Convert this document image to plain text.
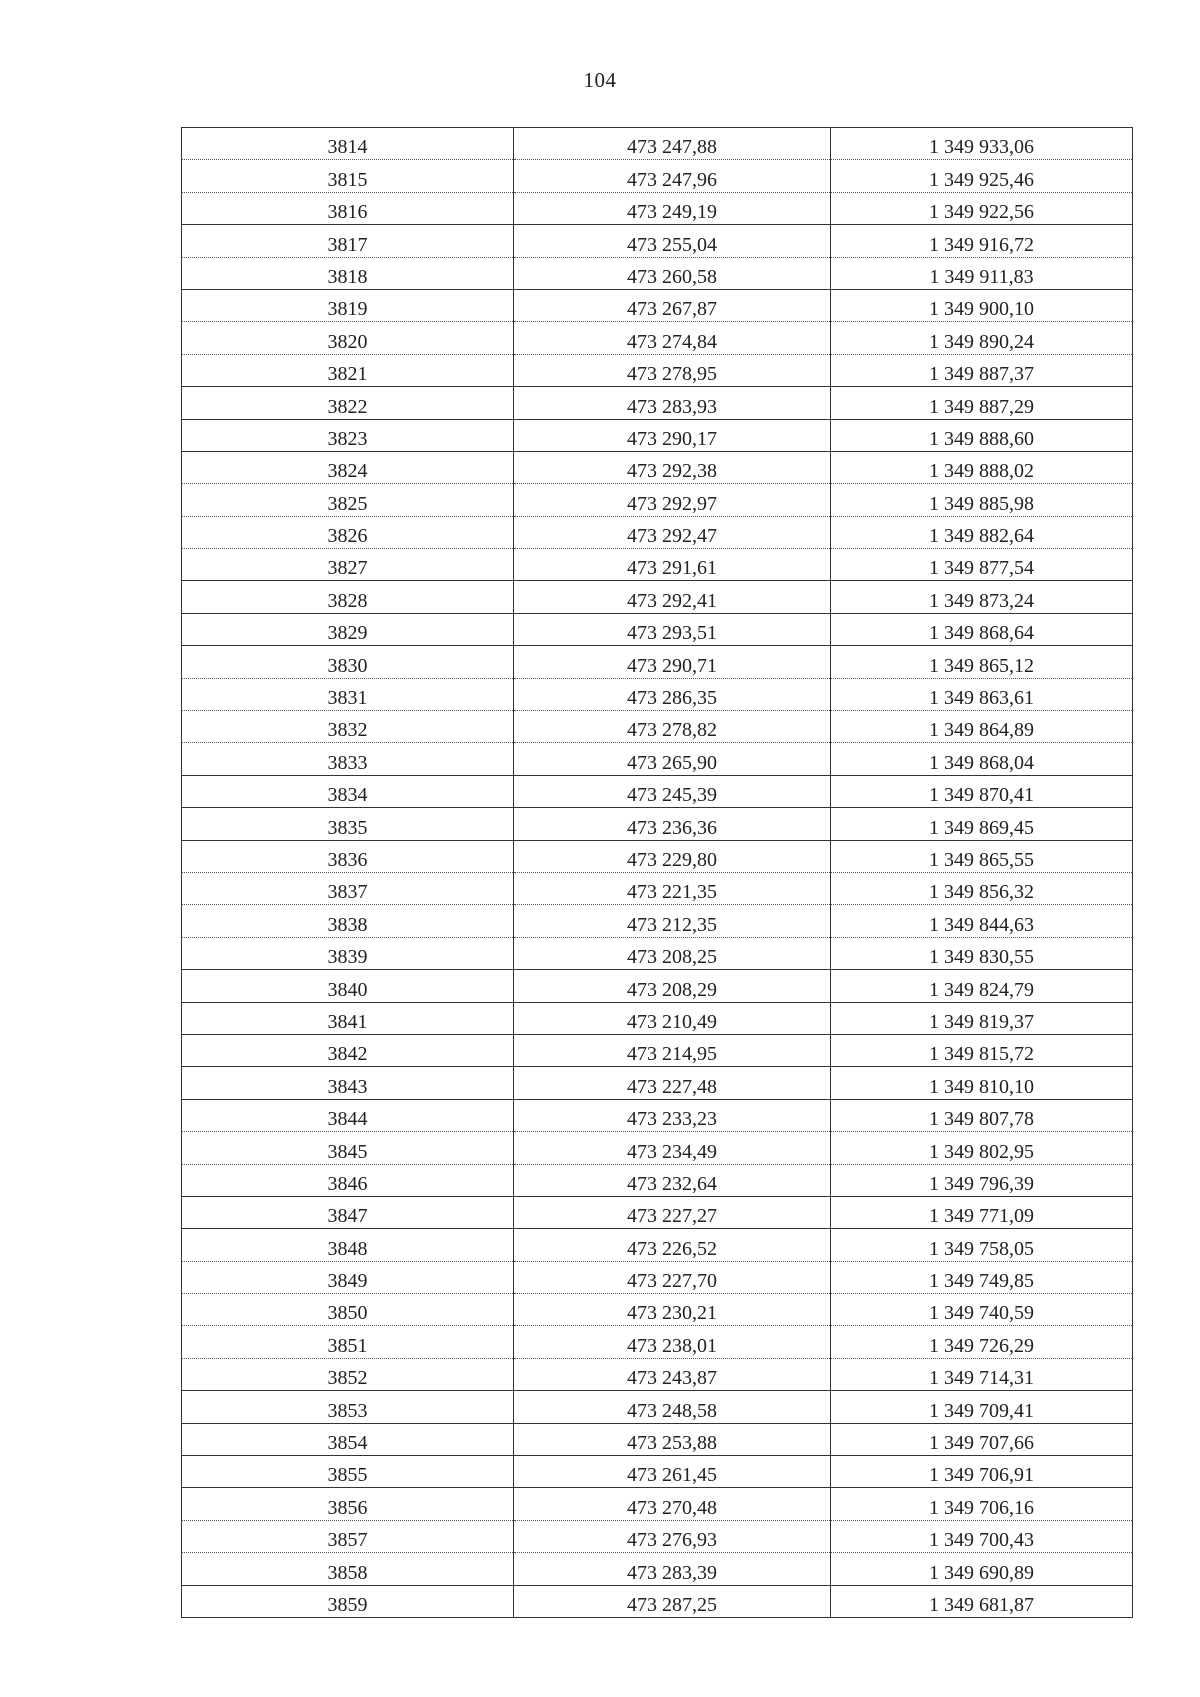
104
3814	473 247,88	1 349 933,06
3815	473 247,96	1 349 925,46
3816	473 249,19	1 349 922,56
3817	473 255,04	1 349 916,72
3818	473 260,58	1 349 911,83
3819	473 267,87	1 349 900,10
3820	473 274,84	1 349 890,24
3821	473 278,95	1 349 887,37
3822	473 283,93	1 349 887,29
3823	473 290,17	1 349 888,60
3824	473 292,38	1 349 888,02
3825	473 292,97	1 349 885,98
3826	473 292,47	1 349 882,64
3827	473 291,61	1 349 877,54
3828	473 292,41	1 349 873,24
3829	473 293,51	1 349 868,64
3830	473 290,71	1 349 865,12
3831	473 286,35	1 349 863,61
3832	473 278,82	1 349 864,89
3833	473 265,90	1 349 868,04
3834	473 245,39	1 349 870,41
3835	473 236,36	1 349 869,45
3836	473 229,80	1 349 865,55
3837	473 221,35	1 349 856,32
3838	473 212,35	1 349 844,63
3839	473 208,25	1 349 830,55
3840	473 208,29	1 349 824,79
3841	473 210,49	1 349 819,37
3842	473 214,95	1 349 815,72
3843	473 227,48	1 349 810,10
3844	473 233,23	1 349 807,78
3845	473 234,49	1 349 802,95
3846	473 232,64	1 349 796,39
3847	473 227,27	1 349 771,09
3848	473 226,52	1 349 758,05
3849	473 227,70	1 349 749,85
3850	473 230,21	1 349 740,59
3851	473 238,01	1 349 726,29
3852	473 243,87	1 349 714,31
3853	473 248,58	1 349 709,41
3854	473 253,88	1 349 707,66
3855	473 261,45	1 349 706,91
3856	473 270,48	1 349 706,16
3857	473 276,93	1 349 700,43
3858	473 283,39	1 349 690,89
3859	473 287,25	1 349 681,87
